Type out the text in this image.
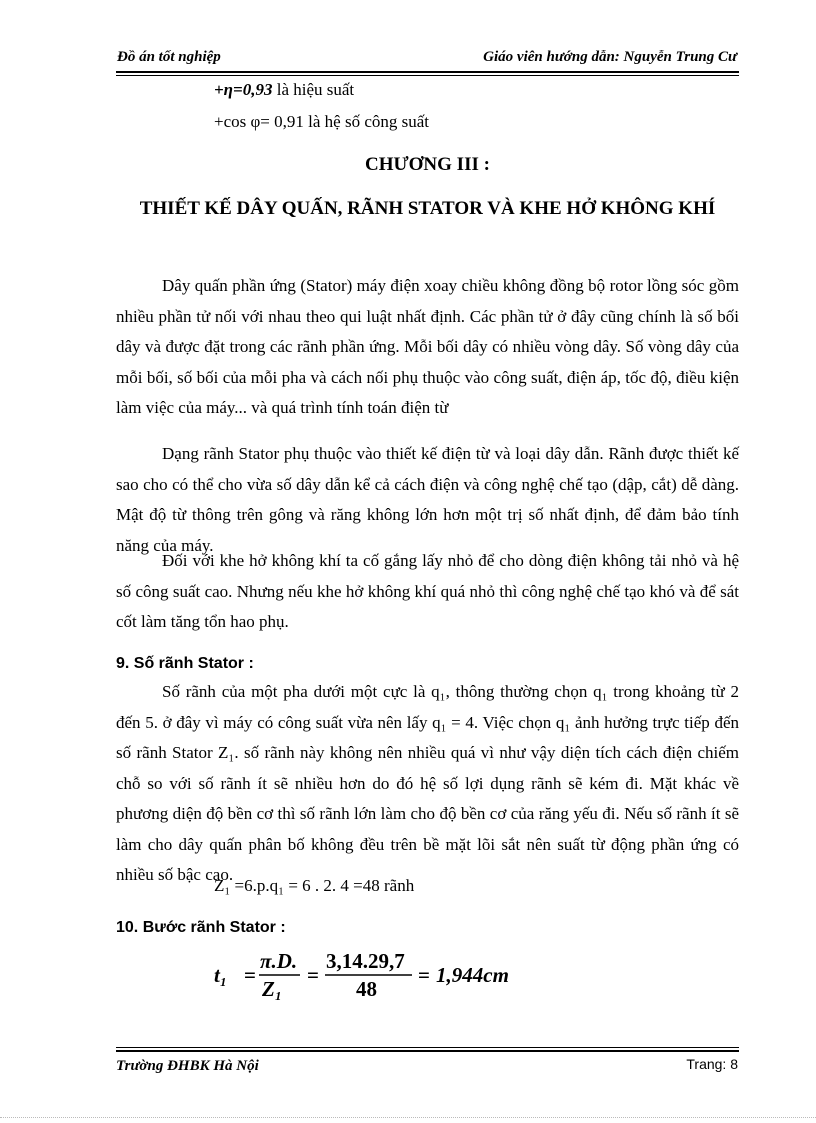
Đồ án tốt nghiệp	Giáo viên hướng dẫn: Nguyễn Trung Cư
+η=0,93 là hiệu suất
+cos φ= 0,91 là hệ số công suất
CHƯƠNG III :
THIẾT KẾ DÂY QUẤN, RÃNH STATOR VÀ KHE HỞ KHÔNG KHÍ

Dây quấn phần ứng (Stator) máy điện xoay chiều không đồng bộ rotor lồng sóc gồm nhiều phần tử nối với nhau theo qui luật nhất định. Các phần tử ở đây cũng chính là số bối dây và được đặt trong các rãnh phần ứng. Mỗi bối dây có nhiều vòng dây. Số vòng dây của mỗi bối, số bối của mỗi pha và cách nối phụ thuộc vào công suất, điện áp, tốc độ, điều kiện làm việc của máy... và quá trình tính toán điện từ

Dạng rãnh Stator phụ thuộc vào thiết kế điện từ và loại dây dẫn. Rãnh được thiết kế sao cho có thể cho vừa số dây dẫn kể cả cách điện và công nghệ chế tạo (dập, cắt) dễ dàng. Mật độ từ thông trên gông và răng không lớn hơn một trị số nhất định, để đảm bảo tính năng của máy.

Đối với khe hở không khí ta cố gắng lấy nhỏ để cho dòng điện không tải nhỏ và hệ số công suất cao. Nhưng nếu khe hở không khí quá nhỏ thì công nghệ chế tạo khó và để sát cốt làm tăng tổn hao phụ.

9. Số rãnh Stator :

Số rãnh của một pha dưới một cực là q₁, thông thường chọn q₁ trong khoảng từ 2 đến 5. ở đây vì máy có công suất vừa nên lấy q₁ = 4. Việc chọn q₁ ảnh hưởng trực tiếp đến số rãnh Stator Z₁. số rãnh này không nên nhiều quá vì như vậy diện tích cách điện chiếm chỗ so với số rãnh ít sẽ nhiều hơn do đó hệ số lợi dụng rãnh sẽ kém đi. Mặt khác về phương diện độ bền cơ thì số rãnh lớn làm cho độ bền cơ của răng yếu đi. Nếu số rãnh ít sẽ làm cho dây quấn phân bố không đều trên bề mặt lõi sắt nên suất từ động phần ứng có nhiều số bậc cao.

Z₁ =6.p.q₁ = 6 . 2. 4 =48 rãnh
10. Bước rãnh Stator :
t₁ =
π.D.
Z₁
=
3,14.29,7
48
= 1,944cm
Trường ĐHBK Hà Nội	Trang: 8
